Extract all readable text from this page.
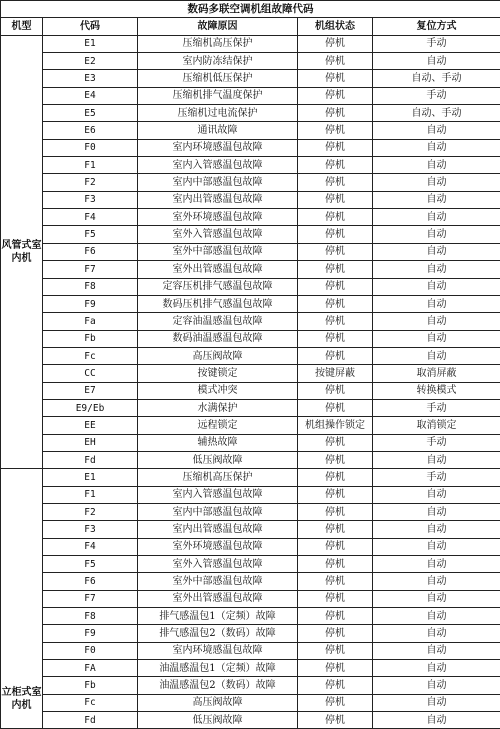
数码多联空调机组故障代码				
机型	代码	故障原因	机组状态	复位方式

风管式室
内机	E1	压缩机高压保护	停机	手动
	E2	室内防冻结保护	停机	自动
	E3	压缩机低压保护	停机	自动、手动
	E4	压缩机排气温度保护	停机	手动
	E5	压缩机过电流保护	停机	自动、手动
	E6	通讯故障	停机	自动
	F0	室内环境感温包故障	停机	自动
	F1	室内入管感温包故障	停机	自动
	F2	室内中部感温包故障	停机	自动
	F3	室内出管感温包故障	停机	自动
	F4	室外环境感温包故障	停机	自动
	F5	室外入管感温包故障	停机	自动
	F6	室外中部感温包故障	停机	自动
	F7	室外出管感温包故障	停机	自动
	F8	定容压机排气感温包故障	停机	自动
	F9	数码压机排气感温包故障	停机	自动
	Fa	定容油温感温包故障	停机	自动
	Fb	数码油温感温包故障	停机	自动
	Fc	高压阀故障	停机	自动
	CC	按键锁定	按键屏蔽	取消屏蔽
	E7	模式冲突	停机	转换模式
	E9/Eb	水满保护	停机	手动
	EE	远程锁定	机组操作锁定	取消锁定
	EH	辅热故障	停机	手动
	Fd	低压阀故障	停机	自动

立柜式室
内机	E1	压缩机高压保护	停机	手动
	F1	室内入管感温包故障	停机	自动
	F2	室内中部感温包故障	停机	自动
	F3	室内出管感温包故障	停机	自动
	F4	室外环境感温包故障	停机	自动
	F5	室外入管感温包故障	停机	自动
	F6	室外中部感温包故障	停机	自动
	F7	室外出管感温包故障	停机	自动
	F8	排气感温包1（定频）故障	停机	自动
	F9	排气感温包2（数码）故障	停机	自动
	F0	室内环境感温包故障	停机	自动
	FA	油温感温包1（定频）故障	停机	自动
	Fb	油温感温包2（数码）故障	停机	自动
	Fc	高压阀故障	停机	自动
	Fd	低压阀故障	停机	自动
